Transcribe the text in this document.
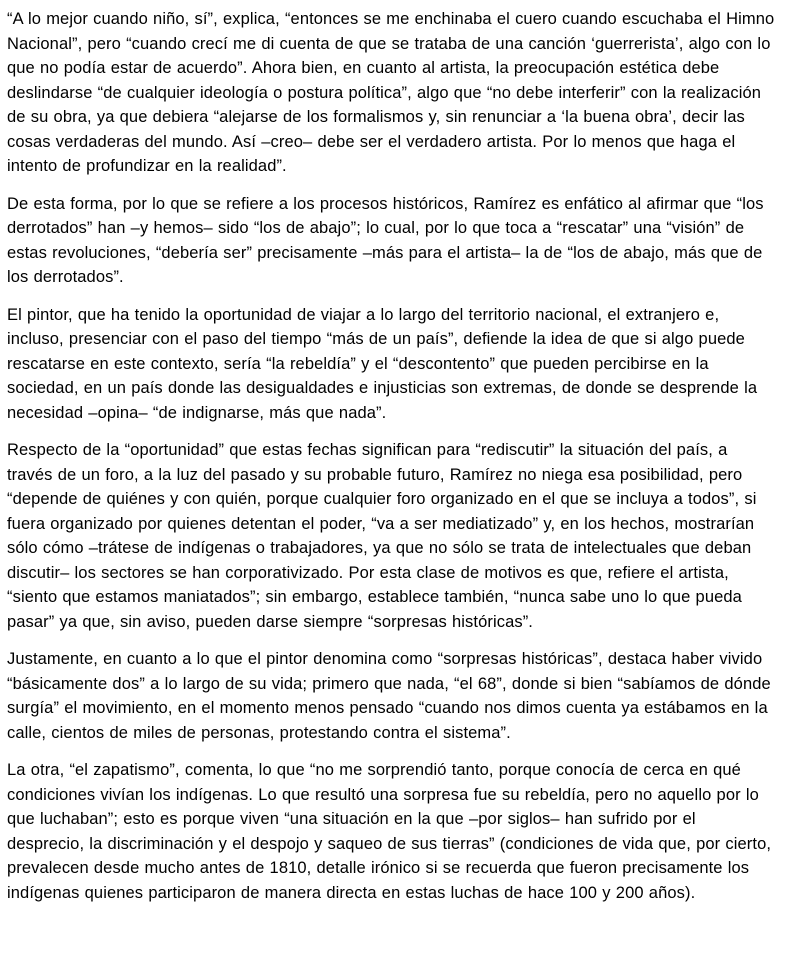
“A lo mejor cuando niño, sí”, explica, “entonces se me enchinaba el cuero cuando escuchaba el Himno Nacional”, pero “cuando crecí me di cuenta de que se trataba de una canción ‘guerrerista’, algo con lo que no podía estar de acuerdo”. Ahora bien, en cuanto al artista, la preocupación estética debe deslindarse “de cualquier ideología o postura política”, algo que “no debe interferir” con la realización de su obra, ya que debiera “alejarse de los formalismos y, sin renunciar a ‘la buena obra’, decir las cosas verdaderas del mundo. Así –creo– debe ser el verdadero artista. Por lo menos que haga el intento de profundizar en la realidad”.

De esta forma, por lo que se refiere a los procesos históricos, Ramírez es enfático al afirmar que “los derrotados” han –y hemos– sido “los de abajo”; lo cual, por lo que toca a “rescatar” una “visión” de estas revoluciones, “debería ser” precisamente –más para el artista– la de “los de abajo, más que de los derrotados”.

El pintor, que ha tenido la oportunidad de viajar a lo largo del territorio nacional, el extranjero e, incluso, presenciar con el paso del tiempo “más de un país”, defiende la idea de que si algo puede rescatarse en este contexto, sería “la rebeldía” y el “descontento” que pueden percibirse en la sociedad, en un país donde las desigualdades e injusticias son extremas, de donde se desprende la necesidad –opina– “de indignarse, más que nada”.

Respecto de la “oportunidad” que estas fechas significan para “rediscutir” la situación del país, a través de un foro, a la luz del pasado y su probable futuro, Ramírez no niega esa posibilidad, pero “depende de quiénes y con quién, porque cualquier foro organizado en el que se incluya a todos”, si fuera organizado por quienes detentan el poder, “va a ser mediatizado” y, en los hechos, mostrarían sólo cómo –trátese de indígenas o trabajadores, ya que no sólo se trata de intelectuales que deban discutir– los sectores se han corporativizado. Por esta clase de motivos es que, refiere el artista, “siento que estamos maniatados”; sin embargo, establece también, “nunca sabe uno lo que pueda pasar” ya que, sin aviso, pueden darse siempre “sorpresas históricas”.

Justamente, en cuanto a lo que el pintor denomina como “sorpresas históricas”, destaca haber vivido “básicamente dos” a lo largo de su vida; primero que nada, “el 68”, donde si bien “sabíamos de dónde surgía” el movimiento, en el momento menos pensado “cuando nos dimos cuenta ya estábamos en la calle, cientos de miles de personas, protestando contra el sistema”.

La otra, “el zapatismo”, comenta, lo que “no me sorprendió tanto, porque conocía de cerca en qué condiciones vivían los indígenas. Lo que resultó una sorpresa fue su rebeldía, pero no aquello por lo que luchaban”; esto es porque viven “una situación en la que –por siglos– han sufrido por el desprecio, la discriminación y el despojo y saqueo de sus tierras” (condiciones de vida que, por cierto, prevalecen desde mucho antes de 1810, detalle irónico si se recuerda que fueron precisamente los indígenas quienes participaron de manera directa en estas luchas de hace 100 y 200 años).
